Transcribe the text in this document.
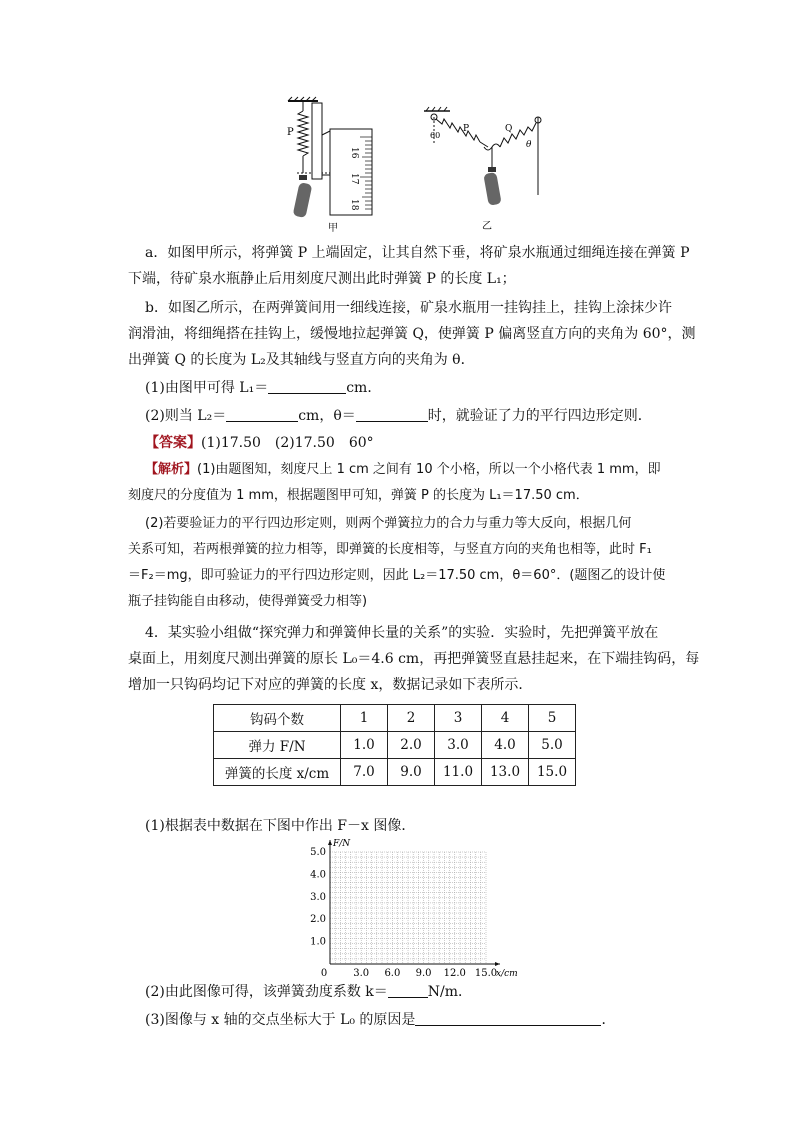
P
16
17
18
甲
60
P	Q
θ
乙
a．如图甲所示，将弹簧 P 上端固定，让其自然下垂，将矿泉水瓶通过细绳连接在弹簧 P
下端，待矿泉水瓶静止后用刻度尺测出此时弹簧 P 的长度 L₁；
b．如图乙所示，在两弹簧间用一细线连接，矿泉水瓶用一挂钩挂上，挂钩上涂抹少许
润滑油，将细绳搭在挂钩上，缓慢地拉起弹簧 Q，使弹簧 P 偏离竖直方向的夹角为 60°，测
出弹簧 Q 的长度为 L₂及其轴线与竖直方向的夹角为 θ．
(1)由图甲可得 L₁＝	cm．
(2)则当 L₂＝	cm，θ＝	时，就验证了力的平行四边形定则．
【答案】(1)17.50　(2)17.50　60°
【解析】(1)由题图知，刻度尺上 1 cm 之间有 10 个小格，所以一个小格代表 1 mm，即
刻度尺的分度值为 1 mm，根据题图甲可知，弹簧 P 的长度为 L₁＝17.50 cm．
(2)若要验证力的平行四边形定则，则两个弹簧拉力的合力与重力等大反向，根据几何
关系可知，若两根弹簧的拉力相等，即弹簧的长度相等，与竖直方向的夹角也相等，此时 F₁
＝F₂＝mg，即可验证力的平行四边形定则，因此 L₂＝17.50 cm，θ＝60°．(题图乙的设计使
瓶子挂钩能自由移动，使得弹簧受力相等)
4．某实验小组做“探究弹力和弹簧伸长量的关系”的实验．实验时，先把弹簧平放在
桌面上，用刻度尺测出弹簧的原长 L₀＝4.6 cm，再把弹簧竖直悬挂起来，在下端挂钩码，每
增加一只钩码均记下对应的弹簧的长度 x，数据记录如下表所示．
钩码个数	1	2	3	4	5
弹力 F/N	1.0	2.0	3.0	4.0	5.0
弹簧的长度 x/cm	7.0	9.0	11.0	13.0	15.0
(1)根据表中数据在下图中作出 F－x 图像．
1.0
2.0
3.0
4.0
5.0
3.0 6.0 9.0 12.0 15.0
0
F/N
x/cm
(2)由此图像可得，该弹簧劲度系数 k＝	N/m．
(3)图像与 x 轴的交点坐标大于 L₀ 的原因是	．
